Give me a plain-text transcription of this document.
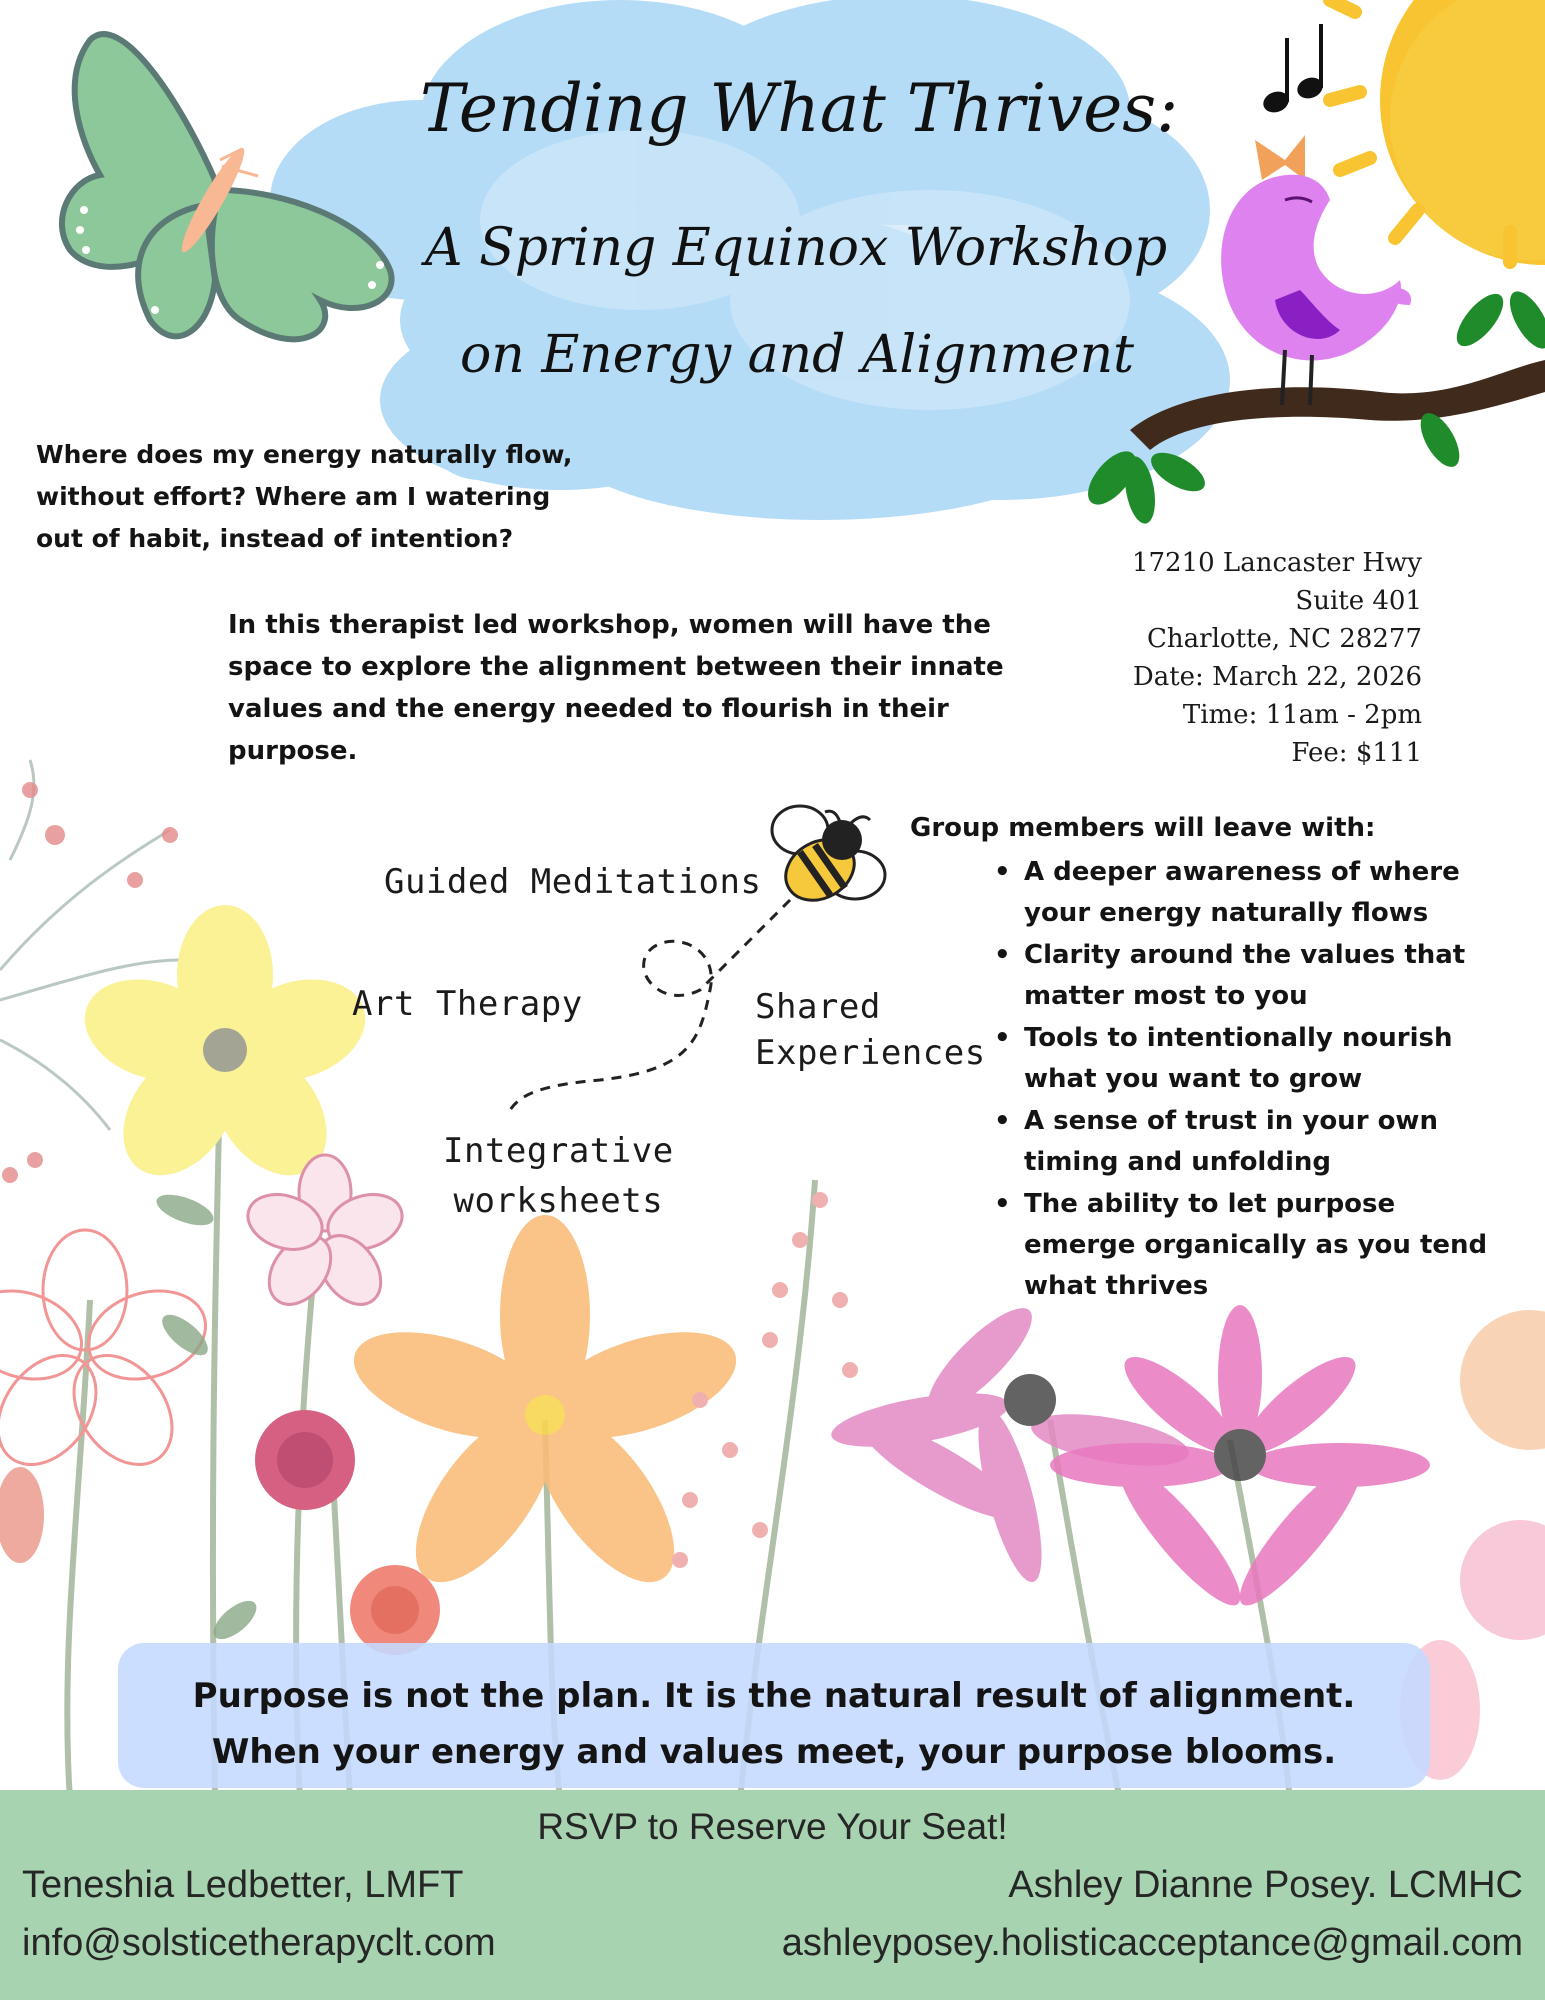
Tending What Thrives:
A Spring Equinox Workshop
on Energy and Alignment
Where does my energy naturally flow, without effort? Where am I watering out of habit, instead of intention?
17210 Lancaster Hwy
Suite 401
Charlotte, NC 28277
Date: March 22, 2026
Time: 11am - 2pm
Fee: $111
In this therapist led workshop, women will have the space to explore the alignment between their innate values and the energy needed to flourish in their purpose.
Guided Meditations
Art Therapy	Shared
Experiences
Integrative
worksheets
Group members will leave with:
• A deeper awareness of where your energy naturally flows
• Clarity around the values that matter most to you
• Tools to intentionally nourish what you want to grow
• A sense of trust in your own timing and unfolding
• The ability to let purpose emerge organically as you tend what thrives
Purpose is not the plan. It is the natural result of alignment.
When your energy and values meet, your purpose blooms.
RSVP to Reserve Your Seat!
Teneshia Ledbetter, LMFT
info@solsticetherapyclt.com
Ashley Dianne Posey. LCMHC
ashleyposey.holisticacceptance@gmail.com
